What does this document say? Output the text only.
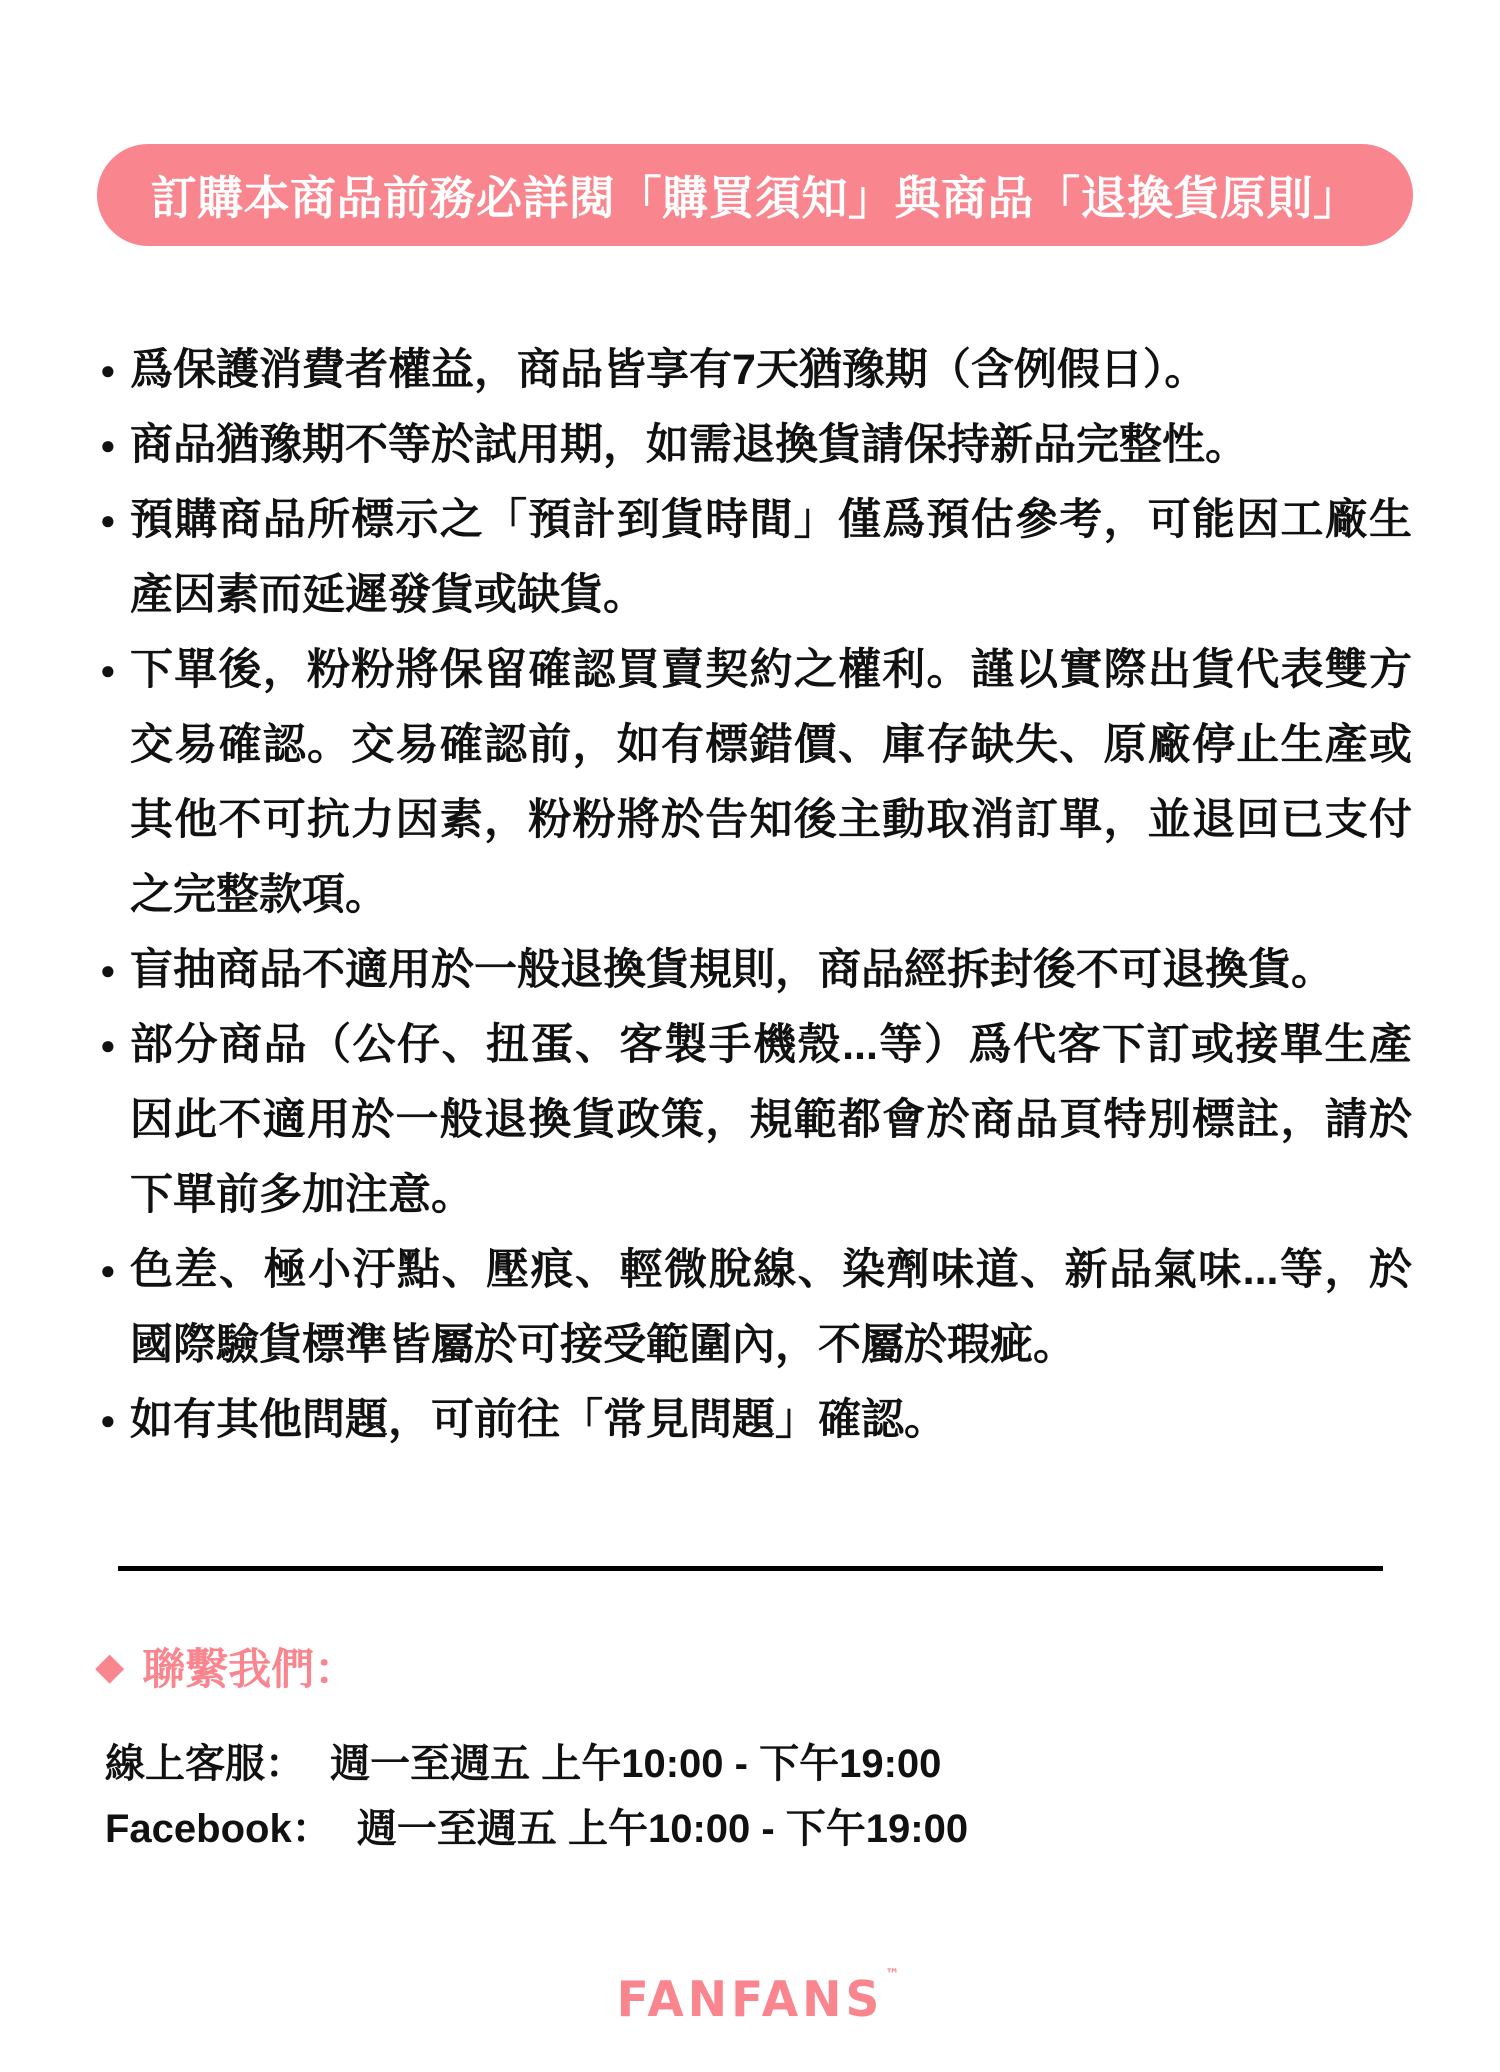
訂購本商品前務必詳閱「購買須知」與商品「退換貨原則」
● 爲保護消費者權益，商品皆享有7天猶豫期（含例假日）。
● 商品猶豫期不等於試用期，如需退換貨請保持新品完整性。
● 預購商品所標示之「預計到貨時間」僅爲預估參考，可能因工廠生產因素而延遲發貨或缺貨。
● 下單後，粉粉將保留確認買賣契約之權利。謹以實際出貨代表雙方交易確認。交易確認前，如有標錯價、庫存缺失、原廠停止生產或其他不可抗力因素，粉粉將於告知後主動取消訂單，並退回已支付之完整款項。
● 盲抽商品不適用於一般退換貨規則，商品經拆封後不可退換貨。
● 部分商品（公仔、扭蛋、客製手機殼...等）爲代客下訂或接單生產因此不適用於一般退換貨政策，規範都會於商品頁特別標註，請於下單前多加注意。
● 色差、極小汙點、壓痕、輕微脫線、染劑味道、新品氣味...等，於國際驗貨標準皆屬於可接受範圍內，不屬於瑕疵。
● 如有其他問題，可前往「常見問題」確認。
◆ 聯繫我們：
線上客服： 週一至週五 上午10:00 - 下午19:00
Facebook： 週一至週五 上午10:00 - 下午19:00
FANFANS ™
